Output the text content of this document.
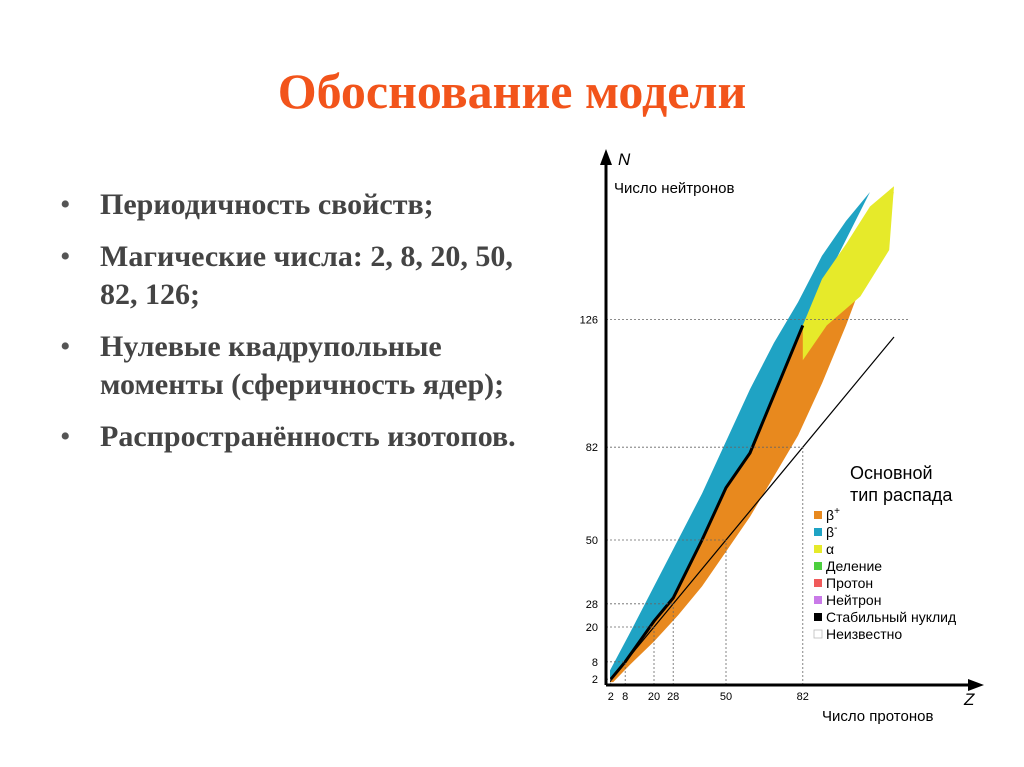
Обоснование модели
• Периодичность свойств;
• Магические числа: 2, 8, 20, 50, 82, 126;
• Нулевые квадрупольные моменты (сферичность ядер);
• Распространённость изотопов.
N
Число нейтронов
Z
Число протонов
2 8 20 28	50	82
2
8
20
28
50
82
126
Основной
тип распада
β+
β-
α
Деление
Протон
Нейтрон
Стабильный нуклид
Неизвестно
